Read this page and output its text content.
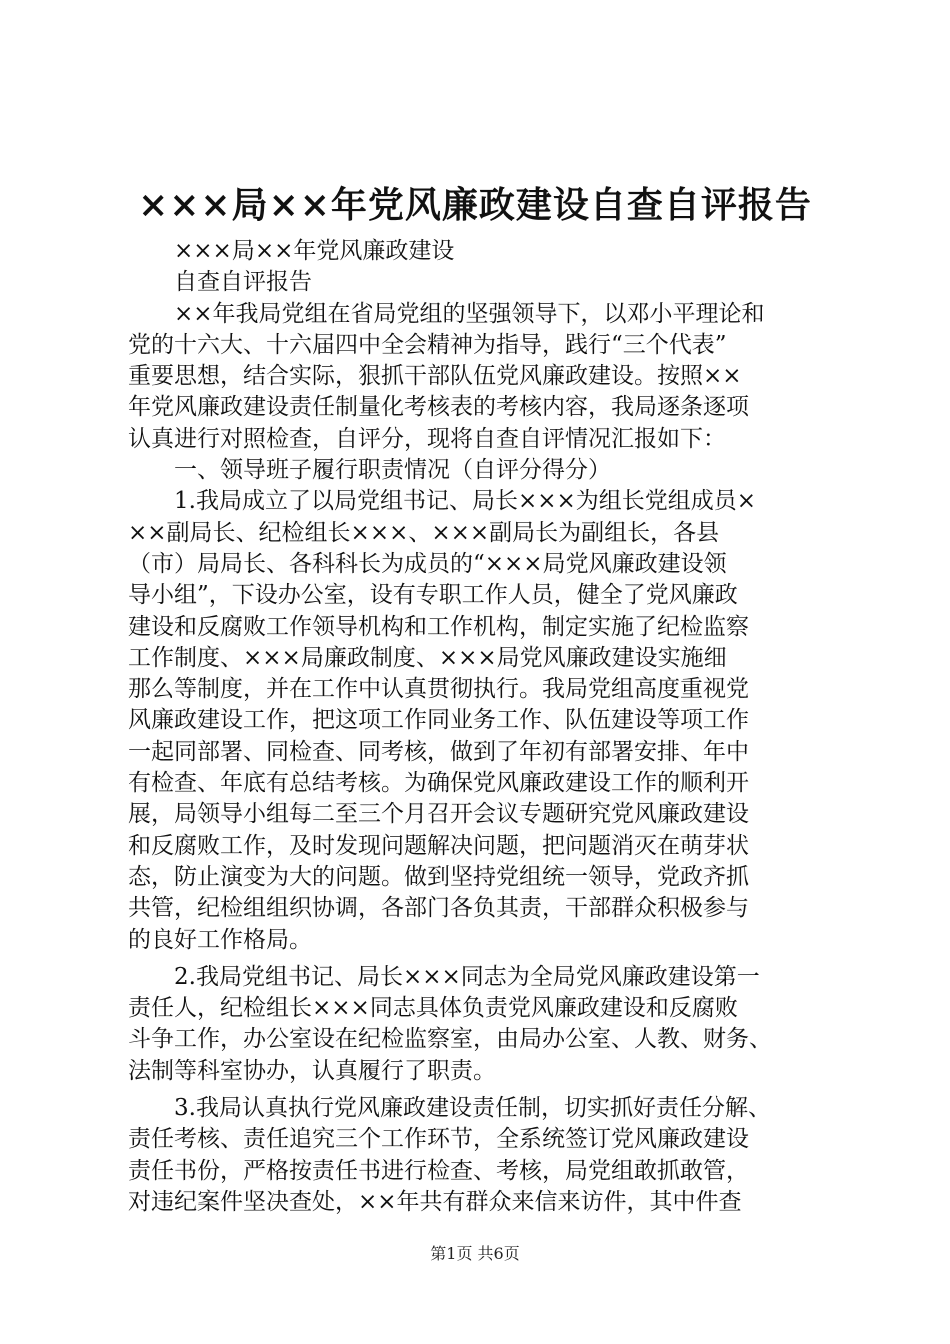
×××局××年党风廉政建设自查自评报告
　　×××局××年党风廉政建设
　　自查自评报告
　　××年我局党组在省局党组的坚强领导下，以邓小平理论和
党的十六大、十六届四中全会精神为指导，践行“三个代表”
重要思想，结合实际，狠抓干部队伍党风廉政建设。按照××
年党风廉政建设责任制量化考核表的考核内容，我局逐条逐项
认真进行对照检查，自评分，现将自查自评情况汇报如下：
　　一、领导班子履行职责情况（自评分得分）
　　1.我局成立了以局党组书记、局长×××为组长党组成员×
××副局长、纪检组长×××、×××副局长为副组长，各县
（市）局局长、各科科长为成员的“×××局党风廉政建设领
导小组”，下设办公室，设有专职工作人员，健全了党风廉政
建设和反腐败工作领导机构和工作机构，制定实施了纪检监察
工作制度、×××局廉政制度、×××局党风廉政建设实施细
那么等制度，并在工作中认真贯彻执行。我局党组高度重视党
风廉政建设工作，把这项工作同业务工作、队伍建设等项工作
一起同部署、同检查、同考核，做到了年初有部署安排、年中
有检查、年底有总结考核。为确保党风廉政建设工作的顺利开
展，局领导小组每二至三个月召开会议专题研究党风廉政建设
和反腐败工作，及时发现问题解决问题，把问题消灭在萌芽状
态，防止演变为大的问题。做到坚持党组统一领导，党政齐抓
共管，纪检组组织协调，各部门各负其责，干部群众积极参与
的良好工作格局。
　　2.我局党组书记、局长×××同志为全局党风廉政建设第一
责任人，纪检组长×××同志具体负责党风廉政建设和反腐败
斗争工作，办公室设在纪检监察室，由局办公室、人教、财务、
法制等科室协办，认真履行了职责。
　　3.我局认真执行党风廉政建设责任制，切实抓好责任分解、
责任考核、责任追究三个工作环节，全系统签订党风廉政建设
责任书份，严格按责任书进行检查、考核，局党组敢抓敢管，
对违纪案件坚决查处，××年共有群众来信来访件，其中件查
第1页 共6页
